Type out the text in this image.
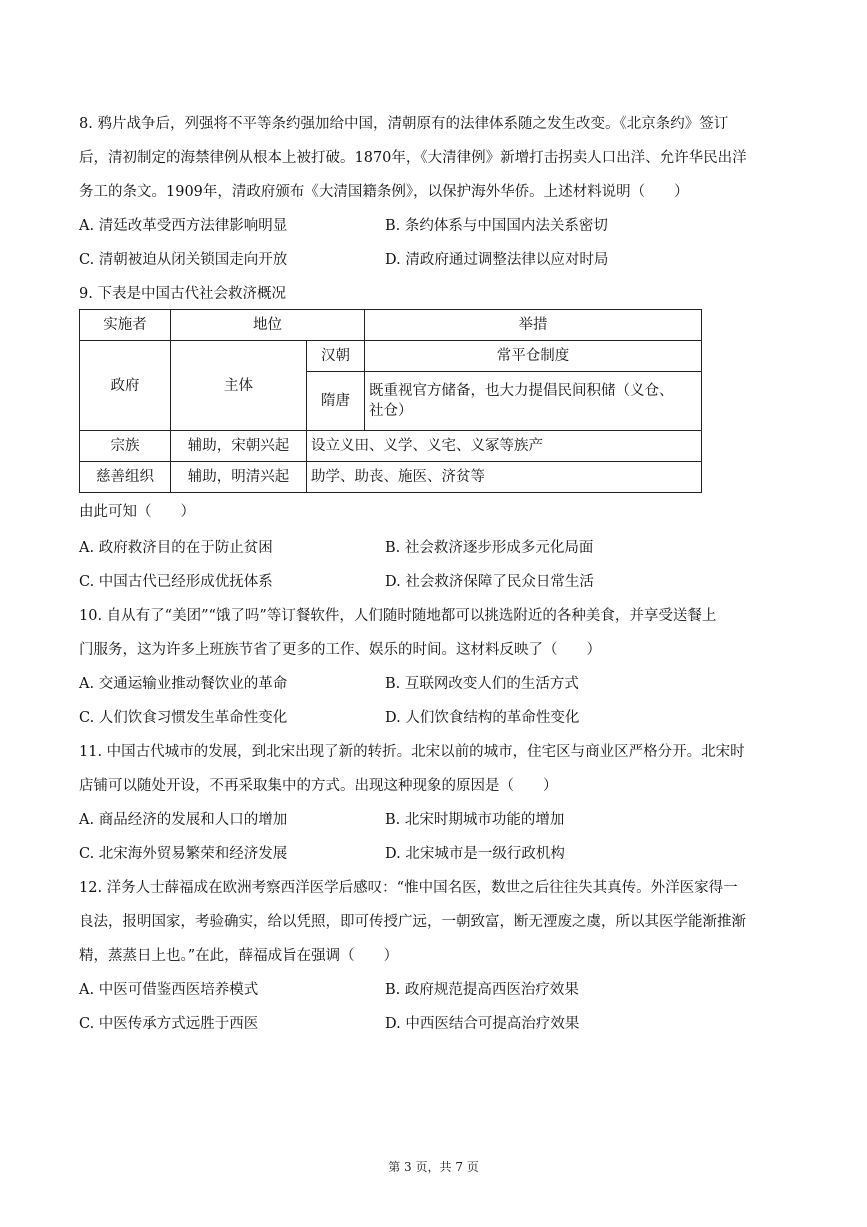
8. 鸦片战争后，列强将不平等条约强加给中国，清朝原有的法律体系随之发生改变。《北京条约》签订
后，清初制定的海禁律例从根本上被打破。1870年，《大清律例》新增打击拐卖人口出洋、允许华民出洋
务工的条文。1909年，清政府颁布《大清国籍条例》，以保护海外华侨。上述材料说明（　　）
A. 清廷改革受西方法律影响明显	B. 条约体系与中国国内法关系密切
C. 清朝被迫从闭关锁国走向开放	D. 清政府通过调整法律以应对时局
9. 下表是中国古代社会救济概况
实施者	地位		举措
政府	主体	汉朝	常平仓制度
		隋唐	既重视官方储备，也大力提倡民间积储（义仓、
社仓）

宗族	辅助，宋朝兴起	设立义田、义学、义宅、义冢等族产	
慈善组织	辅助，明清兴起	助学、助丧、施医、济贫等	
由此可知（　　）
A. 政府救济目的在于防止贫困	B. 社会救济逐步形成多元化局面
C. 中国古代已经形成优抚体系	D. 社会救济保障了民众日常生活
10. 自从有了“美团”“饿了吗”等订餐软件，人们随时随地都可以挑选附近的各种美食，并享受送餐上
门服务，这为许多上班族节省了更多的工作、娱乐的时间。这材料反映了（　　）
A. 交通运输业推动餐饮业的革命	B. 互联网改变人们的生活方式
C. 人们饮食习惯发生革命性变化	D. 人们饮食结构的革命性变化
11. 中国古代城市的发展，到北宋出现了新的转折。北宋以前的城市，住宅区与商业区严格分开。北宋时
店铺可以随处开设，不再采取集中的方式。出现这种现象的原因是（　　）
A. 商品经济的发展和人口的增加	B. 北宋时期城市功能的增加
C. 北宋海外贸易繁荣和经济发展	D. 北宋城市是一级行政机构
12. 洋务人士薛福成在欧洲考察西洋医学后感叹：“惟中国名医，数世之后往往失其真传。外洋医家得一
良法，报明国家，考验确实，给以凭照，即可传授广远，一朝致富，断无湮废之虞，所以其医学能渐推渐
精，蒸蒸日上也。”在此，薛福成旨在强调（　　）
A. 中医可借鉴西医培养模式	B. 政府规范提高西医治疗效果
C. 中医传承方式远胜于西医	D. 中西医结合可提高治疗效果
第 3 页，共 7 页
